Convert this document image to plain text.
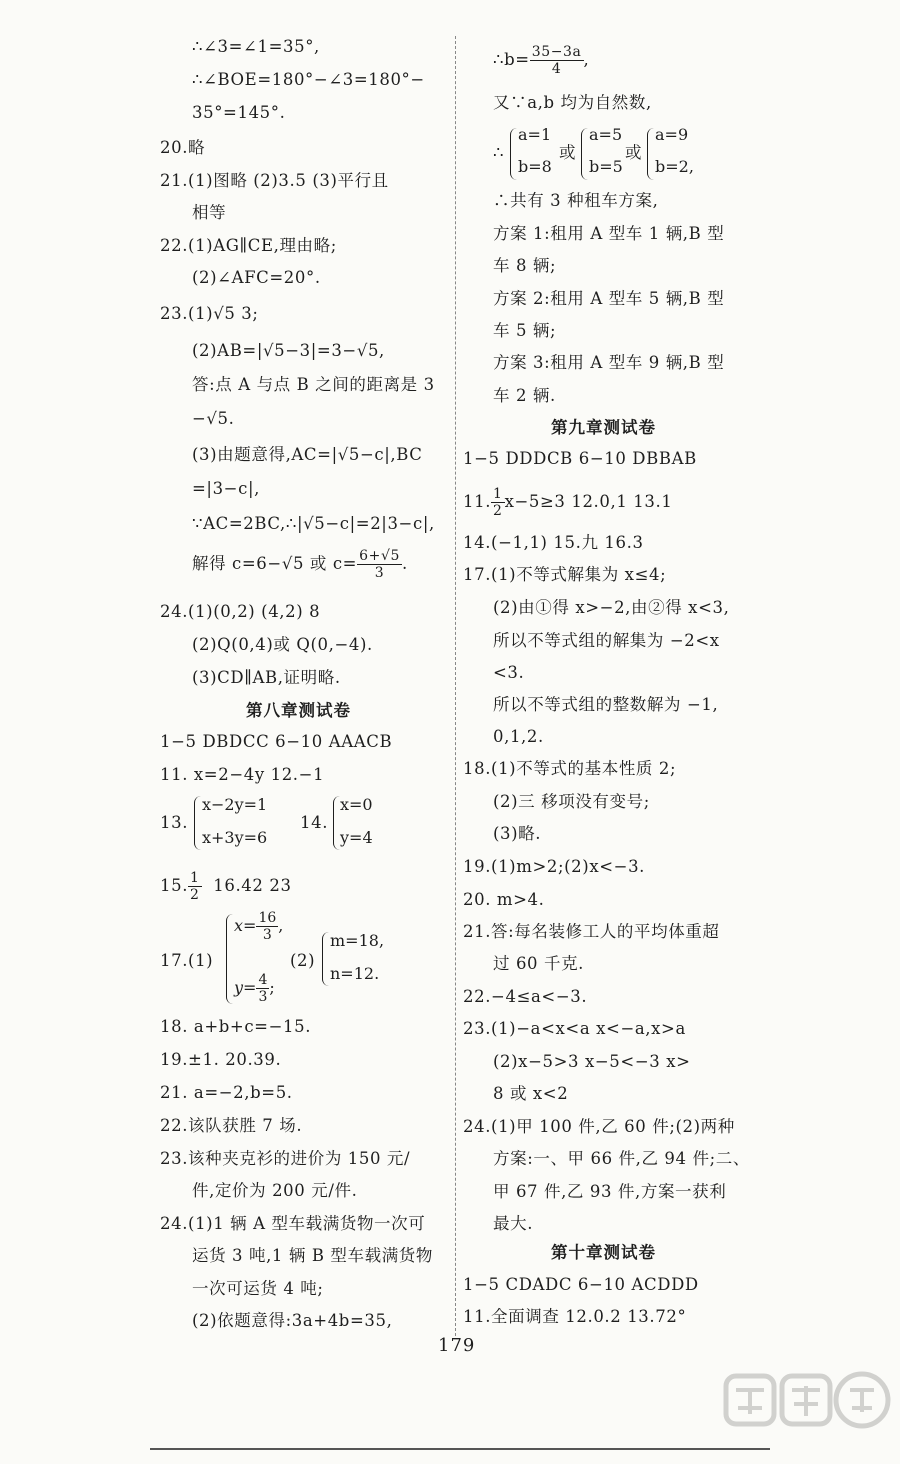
∴∠3=∠1=35°,
∴∠BOE=180°−∠3=180°−
35°=145°.
20.略
21.(1)图略 (2)3.5 (3)平行且
相等
22.(1)AG∥CE,理由略;
(2)∠AFC=20°.
23.(1)√5 3;
(2)AB=|√5−3|=3−√5,
答:点 A 与点 B 之间的距离是 3
−√5.
(3)由题意得,AC=|√5−c|,BC
=|3−c|,
∵AC=2BC,∴|√5−c|=2|3−c|,
解得 c=6−√5 或 $c= \frac{6+√5}{3}$ .
24.(1)(0,2) (4,2) 8
(2)Q(0,4)或 Q(0,−4).
(3)CD∥AB,证明略.
第八章测试卷
1−5 DBDCC 6−10 AAACB
11. x=2−4y 12.−1
13.
x−2y=1
x+3y=6
14.
x=0
y=4
15. $\frac{1}{2} 16.42$ 23
17.(1)
$x= \frac{16}{3}$ ,
$y= \frac{4}{3}$ ;
(2)
m=18,
n=12.
18. a+b+c=−15.
19.±1. 20.39.
21. a=−2,b=5.
22.该队获胜 7 场.
23.该种夹克衫的进价为 150 元/
件,定价为 200 元/件.
24.(1)1 辆 A 型车载满货物一次可
运货 3 吨,1 辆 B 型车载满货物
一次可运货 4 吨;
(2)依题意得:3a+4b=35,
∴b= $\frac{35-3a}{4}$ ,
又∵a,b 均为自然数,
∴
a=1
b=8
或
a=5
b=5
或
a=9
b=2,
∴共有 3 种租车方案,
方案 1:租用 A 型车 1 辆,B 型
车 8 辆;
方案 2:租用 A 型车 5 辆,B 型
车 5 辆;
方案 3:租用 A 型车 9 辆,B 型
车 2 辆.
第九章测试卷
1−5 DDDCB 6−10 DBBAB
11. $\frac{1}{2} x-5\ge 3$ 12.0,1 13.1
14.(−1,1) 15.九 16.3
17.(1)不等式解集为 x≤4;
(2)由①得 x>−2,由②得 x<3,
所以不等式组的解集为 −2<x
<3.
所以不等式组的整数解为 −1,
0,1,2.
18.(1)不等式的基本性质 2;
(2)三 移项没有变号;
(3)略.
19.(1)m>2;(2)x<−3.
20. m>4.
21.答:每名装修工人的平均体重超
过 60 千克.
22.−4≤a<−3.
23.(1)−a<x<a x<−a,x>a
(2)x−5>3 x−5<−3 x>
8 或 x<2
24.(1)甲 100 件,乙 60 件;(2)两种
方案:一、甲 66 件,乙 94 件;二、
甲 67 件,乙 93 件,方案一获利
最大.
第十章测试卷
1−5 CDADC 6−10 ACDDD
11.全面调查 12.0.2 13.72°
179
